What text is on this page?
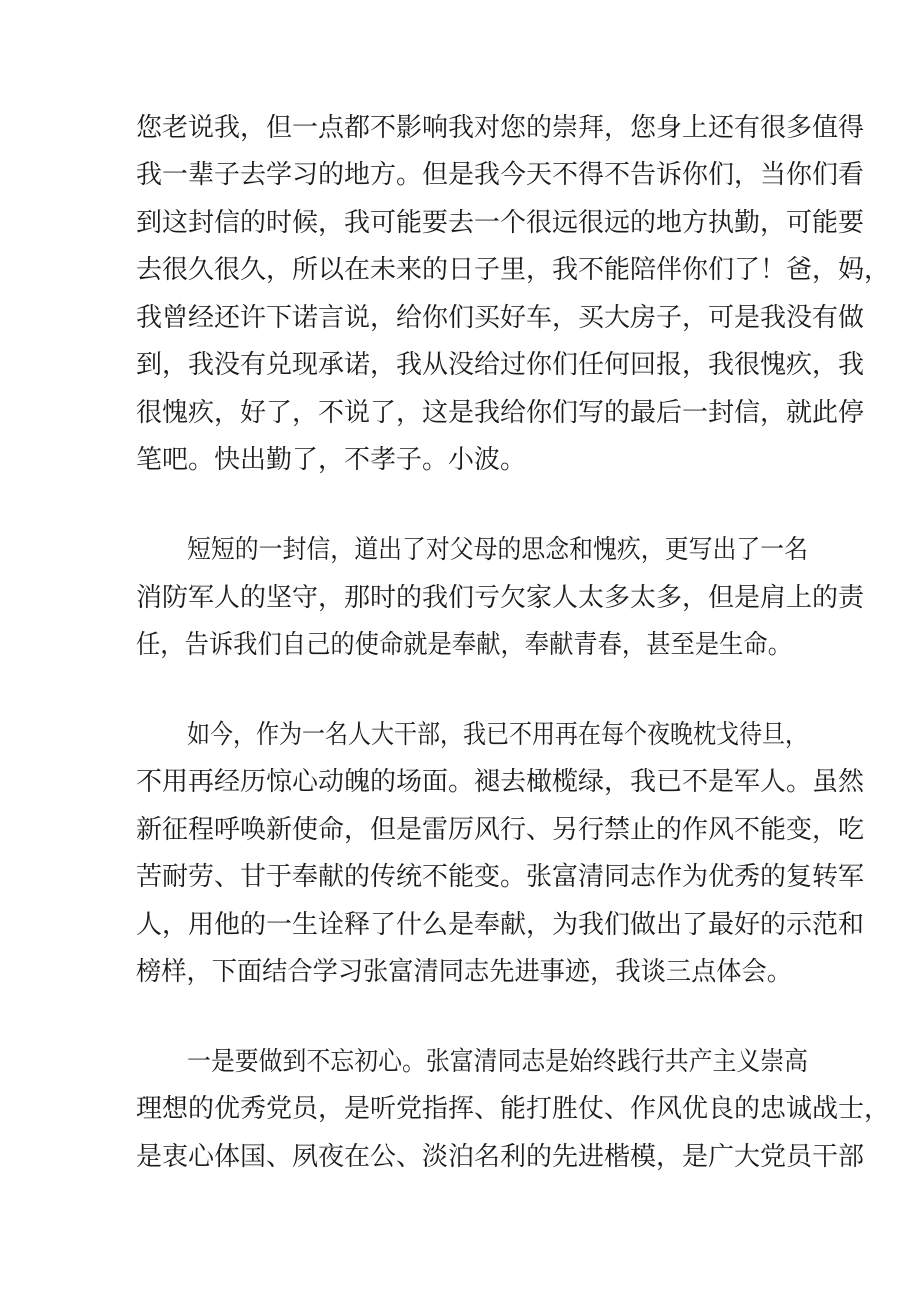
您老说我，但一点都不影响我对您的崇拜，您身上还有很多值得
我一辈子去学习的地方。但是我今天不得不告诉你们，当你们看
到这封信的时候，我可能要去一个很远很远的地方执勤，可能要
去很久很久，所以在未来的日子里，我不能陪伴你们了！爸，妈，
我曾经还许下诺言说，给你们买好车，买大房子，可是我没有做
到，我没有兑现承诺，我从没给过你们任何回报，我很愧疚，我
很愧疚，好了，不说了，这是我给你们写的最后一封信，就此停
笔吧。快出勤了，不孝子。小波。
短短的一封信，道出了对父母的思念和愧疚，更写出了一名
消防军人的坚守，那时的我们亏欠家人太多太多，但是肩上的责
任，告诉我们自己的使命就是奉献，奉献青春，甚至是生命。
如今，作为一名人大干部，我已不用再在每个夜晚枕戈待旦，
不用再经历惊心动魄的场面。褪去橄榄绿，我已不是军人。虽然
新征程呼唤新使命，但是雷厉风行、另行禁止的作风不能变，吃
苦耐劳、甘于奉献的传统不能变。张富清同志作为优秀的复转军
人，用他的一生诠释了什么是奉献，为我们做出了最好的示范和
榜样，下面结合学习张富清同志先进事迹，我谈三点体会。
一是要做到不忘初心。张富清同志是始终践行共产主义崇高
理想的优秀党员，是听党指挥、能打胜仗、作风优良的忠诚战士，
是衷心体国、夙夜在公、淡泊名利的先进楷模，是广大党员干部
